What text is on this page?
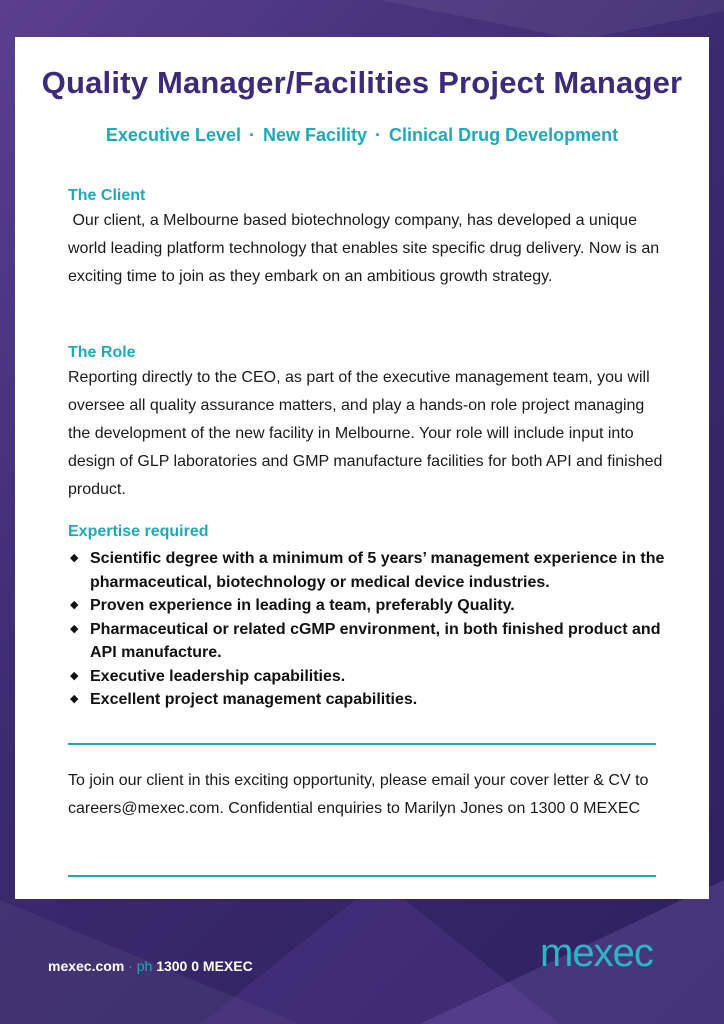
Quality Manager/Facilities Project Manager
Executive Level · New Facility · Clinical Drug Development
The Client

Our client, a Melbourne based biotechnology company, has developed a unique world leading platform technology that enables site specific drug delivery. Now is an exciting time to join as they embark on an ambitious growth strategy.

The Role

Reporting directly to the CEO, as part of the executive management team, you will oversee all quality assurance matters, and play a hands-on role project managing the development of the new facility in Melbourne. Your role will include input into design of GLP laboratories and GMP manufacture facilities for both API and finished product.

Expertise required
◆ Scientific degree with a minimum of 5 years’ management experience in the pharmaceutical, biotechnology or medical device industries.
◆ Proven experience in leading a team, preferably Quality.
◆ Pharmaceutical or related cGMP environment, in both finished product and API manufacture.
◆ Executive leadership capabilities.
◆ Excellent project management capabilities.

To join our client in this exciting opportunity, please email your cover letter & CV to careers@mexec.com. Confidential enquiries to Marilyn Jones on 1300 0 MEXEC

mexec.com · ph 1300 0 MEXEC	mexec
